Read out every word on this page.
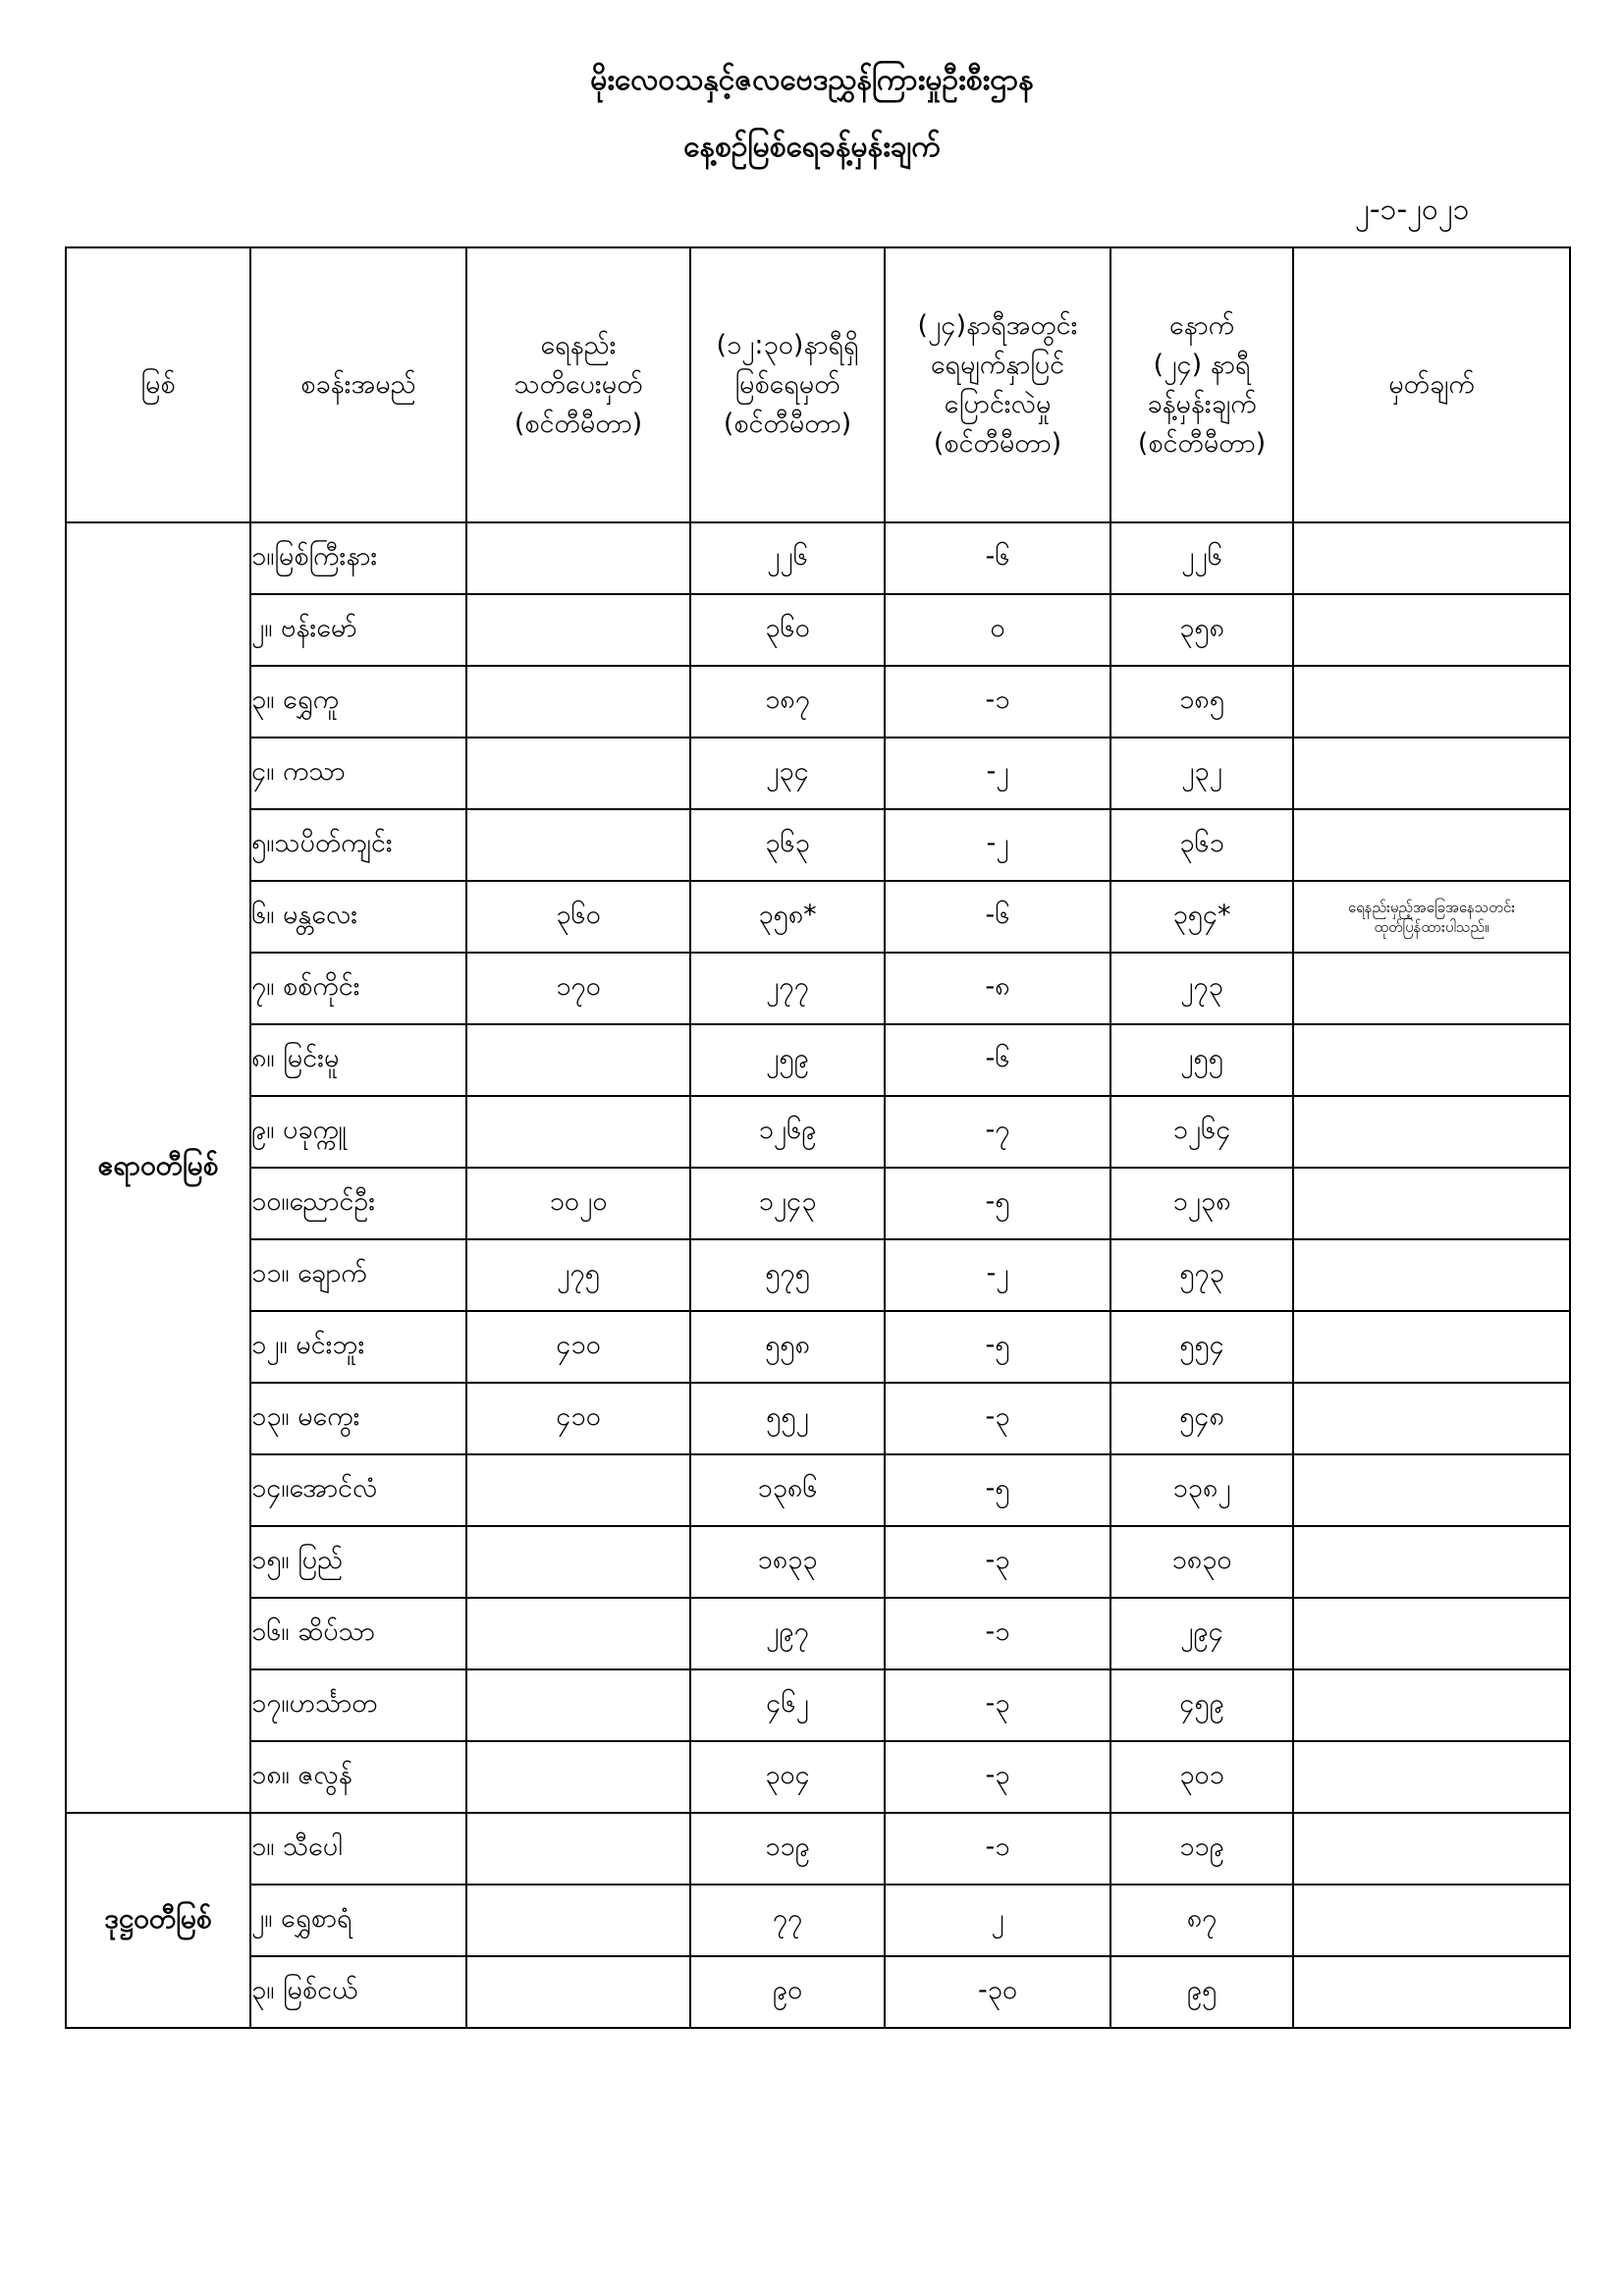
မိုးလေဝသနှင့်ဇလဗေဒညွှန်ကြားမှုဦးစီးဌာန
နေ့စဉ်မြစ်ရေခန့်မှန်းချက်
၂-၁-၂၀၂၁
မြစ်	စခန်းအမည်	ရေနည်း
သတိပေးမှတ်
(စင်တီမီတာ)	(၁၂:၃၀)နာရီရှိ
မြစ်ရေမှတ်
(စင်တီမီတာ)	(၂၄)နာရီအတွင်း
ရေမျက်နှာပြင်
ပြောင်းလဲမှု
(စင်တီမီတာ)	နောက်
(၂၄) နာရီ
ခန့်မှန်းချက်
(စင်တီမီတာ)	မှတ်ချက်

ဧရာဝတီမြစ်	၁။မြစ်ကြီးနား		၂၂၆	-၆	၂၂၆	
	၂။ ဗန်းမော်		၃၆၀	၀	၃၅၈	
	၃။ ရွှေကူ		၁၈၇	-၁	၁၈၅	
	၄။ ကသာ		၂၃၄	-၂	၂၃၂	
	၅။သပိတ်ကျင်း		၃၆၃	-၂	၃၆၁	
	၆။ မန္တလေး	၃၆၀	၃၅၈*	-၆	၃၅၄*	ရေနည်းမှည့်အခြေအနေသတင်း
ထုတ်ပြန်ထားပါသည်။

	၇။ စစ်ကိုင်း	၁၇၀	၂၇၇	-၈	၂၇၃	
	၈။ မြင်းမူ		၂၅၉	-၆	၂၅၅	
	၉။ ပခုက္ကူ		၁၂၆၉	-၇	၁၂၆၄	
	၁၀။ညောင်ဦး	၁၀၂၀	၁၂၄၃	-၅	၁၂၃၈	
	၁၁။ ချောက်	၂၇၅	၅၇၅	-၂	၅၇၃	
	၁၂။ မင်းဘူး	၄၁၀	၅၅၈	-၅	၅၅၄	
	၁၃။ မကွေး	၄၁၀	၅၅၂	-၃	၅၄၈	
	၁၄။အောင်လံ		၁၃၈၆	-၅	၁၃၈၂	
	၁၅။ ပြည်		၁၈၃၃	-၃	၁၈၃၀	
	၁၆။ ဆိပ်သာ		၂၉၇	-၁	၂၉၄	
	၁၇။ဟင်္သာတ		၄၆၂	-၃	၄၅၉	
	၁၈။ ဇလွန်		၃၀၄	-၃	၃၀၁	
ဒုဋ္ဌဝတီမြစ်	၁။ သီပေါ		၁၁၉	-၁	၁၁၉	
	၂။ ရွှေစာရံ		၇၇	၂	၈၇	
	၃။ မြစ်ငယ်		၉၀	-၃၀	၉၅	
